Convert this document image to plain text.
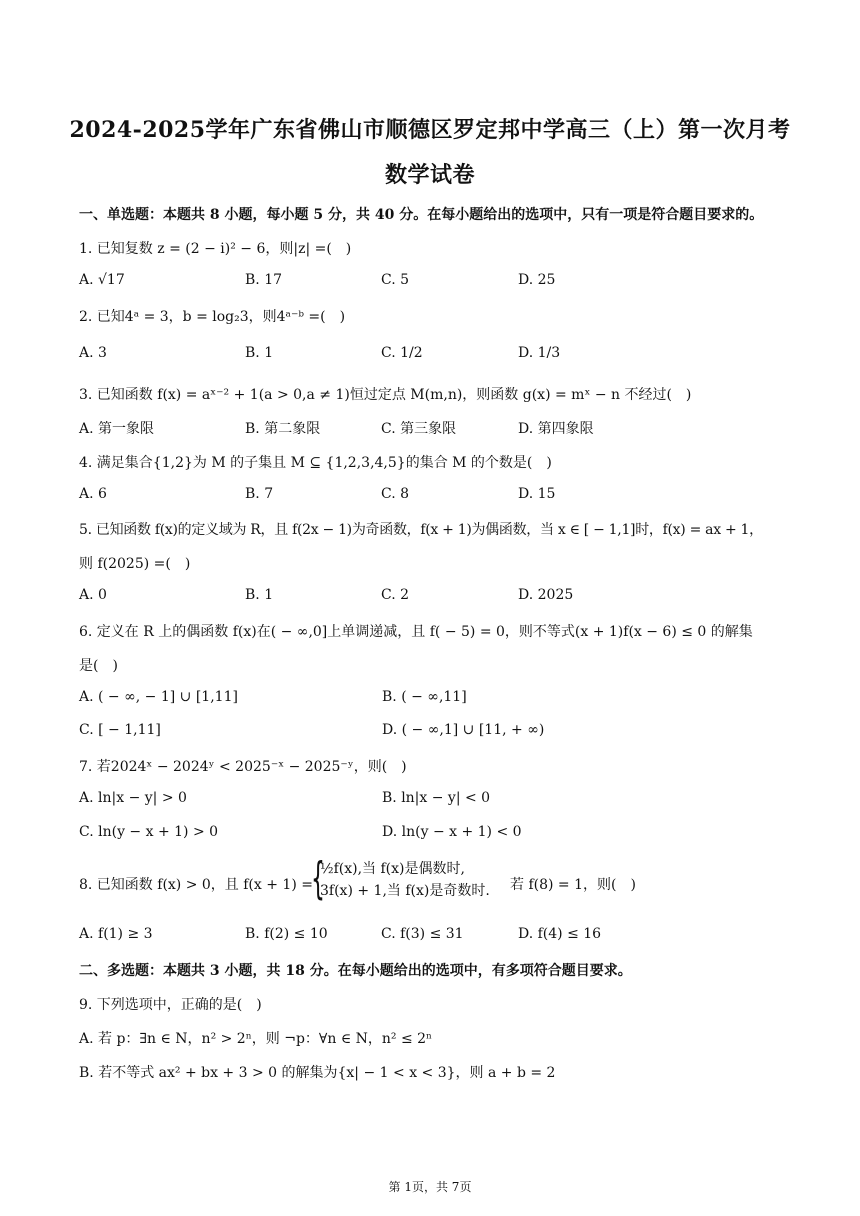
2024-2025学年广东省佛山市顺德区罗定邦中学高三（上）第一次月考
数学试卷
一、单选题：本题共 8 小题，每小题 5 分，共 40 分。在每小题给出的选项中，只有一项是符合题目要求的。
1. 已知复数 z = (2 − i)² − 6，则|z| =(　)
A. √17	B. 17	C. 5	D. 25
2. 已知4ᵃ = 3，b = log₂3，则4ᵃ⁻ᵇ =(　)
A. 3	B. 1	C. 1/2	D. 1/3
3. 已知函数 f(x) = aˣ⁻² + 1(a > 0,a ≠ 1)恒过定点 M(m,n)，则函数 g(x) = mˣ − n 不经过(　)
A. 第一象限	B. 第二象限	C. 第三象限	D. 第四象限
4. 满足集合{1,2}为 M 的子集且 M ⊆ {1,2,3,4,5}的集合 M 的个数是(　)
A. 6	B. 7	C. 8	D. 15
5. 已知函数 f(x)的定义域为 R，且 f(2x − 1)为奇函数，f(x + 1)为偶函数，当 x ∈ [ − 1,1]时，f(x) = ax + 1，
则 f(2025) =(　)
A. 0	B. 1	C. 2	D. 2025
6. 定义在 R 上的偶函数 f(x)在( − ∞,0]上单调递减，且 f( − 5) = 0，则不等式(x + 1)f(x − 6) ≤ 0 的解集
是(　)
A. ( − ∞, − 1] ∪ [1,11]	B. ( − ∞,11]
C. [ − 1,11]	D. ( − ∞,1] ∪ [11, + ∞)
7. 若2024ˣ − 2024ʸ < 2025⁻ˣ − 2025⁻ʸ，则(　)
A. ln|x − y| > 0	B. ln|x − y| < 0
C. ln(y − x + 1) > 0	D. ln(y − x + 1) < 0
8. 已知函数 f(x) > 0，且 f(x + 1) =
{
½f(x),当 f(x)是偶数时,
3f(x) + 1,当 f(x)是奇数时. 若 f(8) = 1，则(　)
A. f(1) ≥ 3	B. f(2) ≤ 10	C. f(3) ≤ 31	D. f(4) ≤ 16
二、多选题：本题共 3 小题，共 18 分。在每小题给出的选项中，有多项符合题目要求。
9. 下列选项中，正确的是(　)
A. 若 p：∃n ∈ N，n² > 2ⁿ，则 ¬p：∀n ∈ N，n² ≤ 2ⁿ
B. 若不等式 ax² + bx + 3 > 0 的解集为{x| − 1 < x < 3}，则 a + b = 2
第 1页，共 7页
